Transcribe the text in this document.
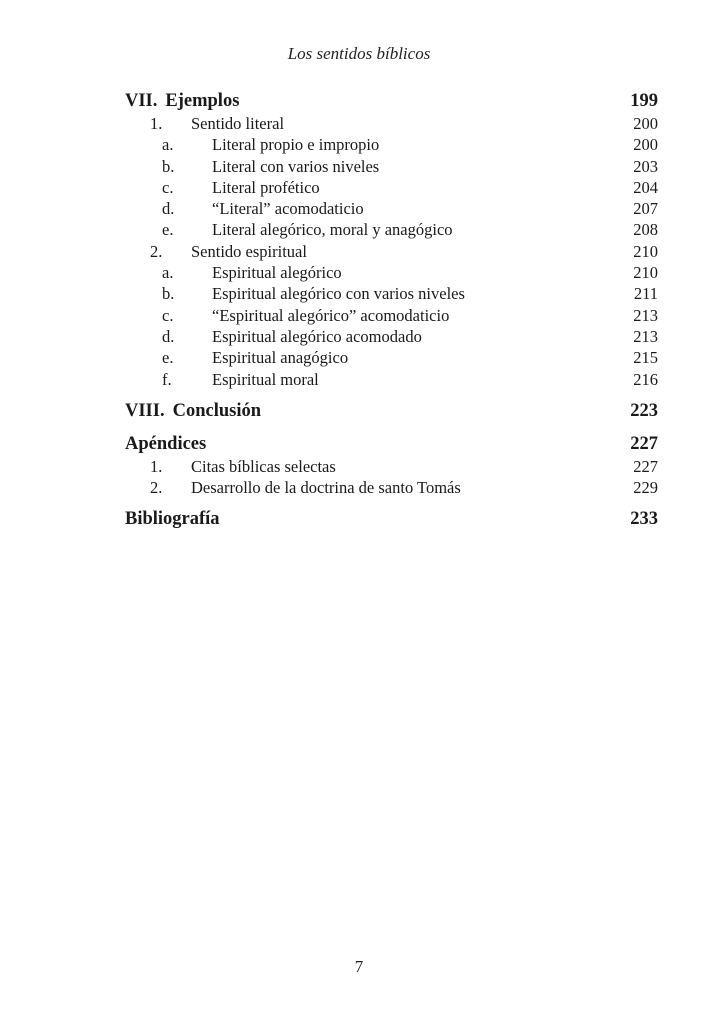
Los sentidos bíblicos
VII. Ejemplos	199
1.	Sentido literal	200
a.	Literal propio e impropio	200
b.	Literal con varios niveles	203
c.	Literal profético	204
d.	“Literal” acomodaticio	207
e.	Literal alegórico, moral y anagógico	208
2.	Sentido espiritual	210
a.	Espiritual alegórico	210
b.	Espiritual alegórico con varios niveles	211
c.	“Espiritual alegórico” acomodaticio	213
d.	Espiritual alegórico acomodado	213
e.	Espiritual anagógico	215
f.	Espiritual moral	216
VIII. Conclusión	223
Apéndices	227
1.	Citas bíblicas selectas	227
2.	Desarrollo de la doctrina de santo Tomás	229
Bibliografía	233
7
